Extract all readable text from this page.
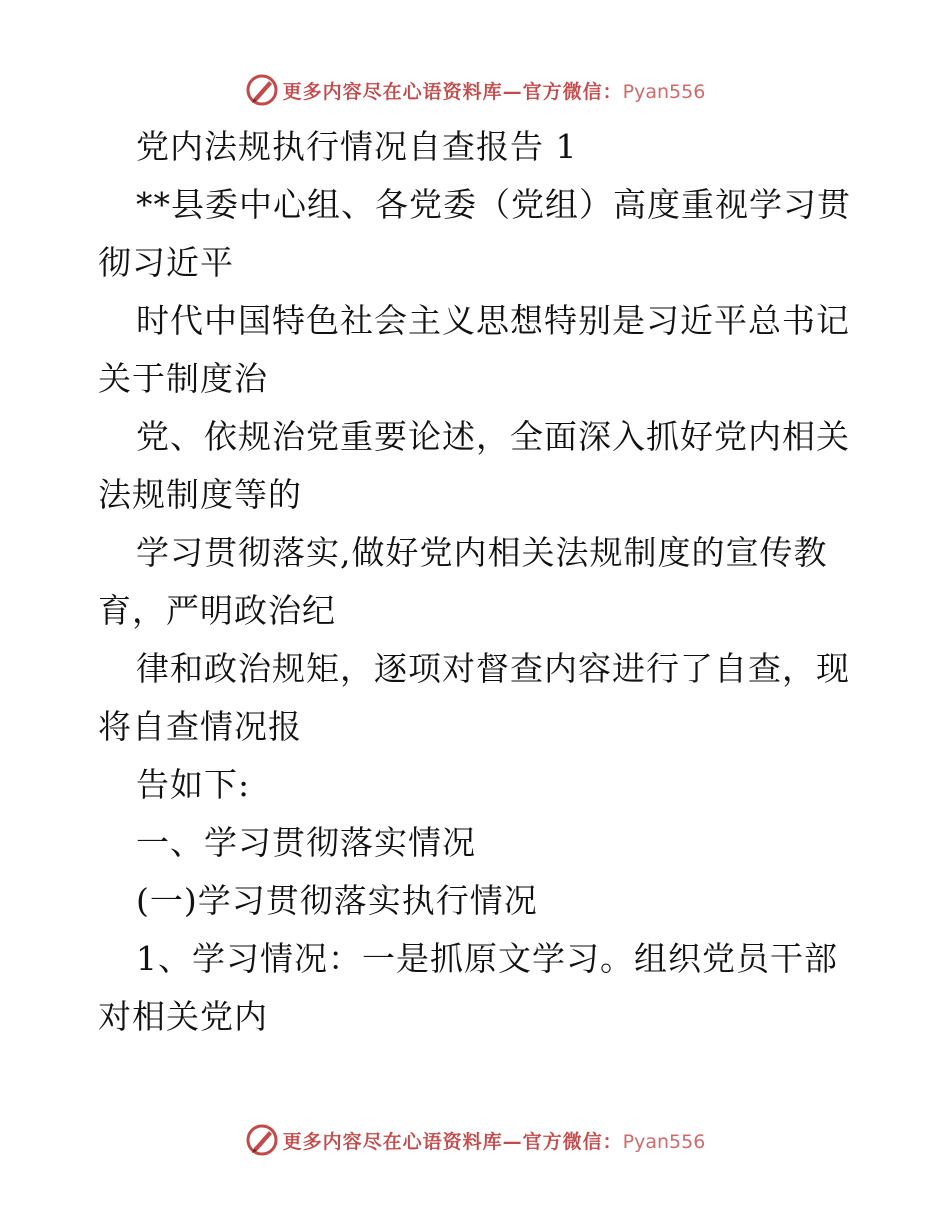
更多内容尽在心语资料库—官方微信：Pyan556
党内法规执行情况自查报告 1
**县委中心组、各党委（党组）高度重视学习贯
彻习近平
时代中国特色社会主义思想特别是习近平总书记
关于制度治
党、依规治党重要论述，全面深入抓好党内相关
法规制度等的
学习贯彻落实,做好党内相关法规制度的宣传教
育，严明政治纪
律和政治规矩，逐项对督查内容进行了自查，现
将自查情况报
告如下:
一、学习贯彻落实情况
(一)学习贯彻落实执行情况
1、学习情况：一是抓原文学习。组织党员干部
对相关党内
更多内容尽在心语资料库—官方微信：Pyan556
